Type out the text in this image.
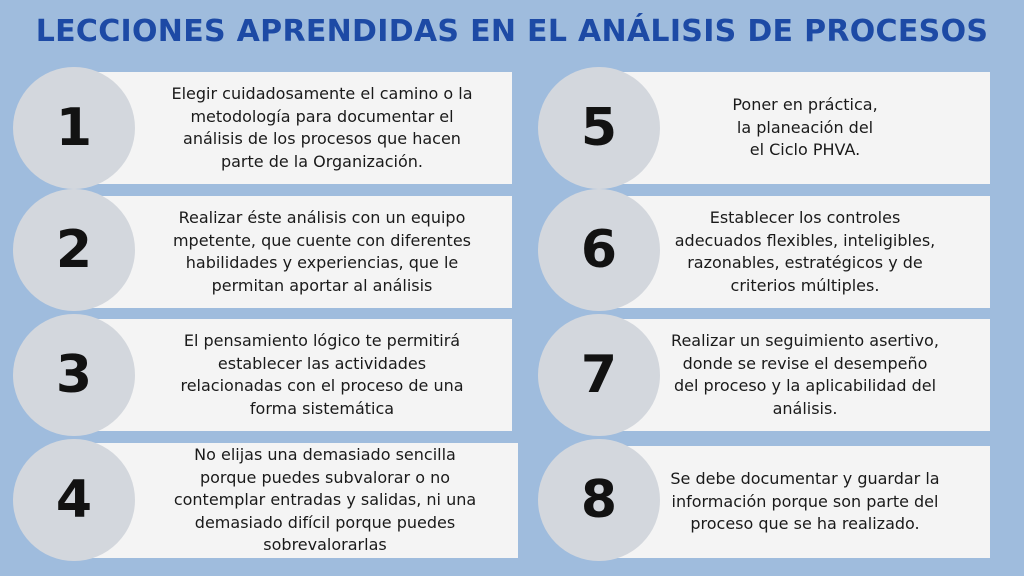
LECCIONES APRENDIDAS EN EL ANÁLISIS DE PROCESOS
Elegir cuidadosamente el camino o la
metodología para documentar el
análisis de los procesos que hacen
parte de la Organización.
1
Realizar éste análisis con un equipo
mpetente, que cuente con diferentes
habilidades y experiencias, que le
permitan aportar al análisis
2
El pensamiento lógico te permitirá
establecer las actividades
relacionadas con el proceso de una
forma sistemática
3
No elijas una demasiado sencilla
porque puedes subvalorar o no
contemplar entradas y salidas, ni una
demasiado difícil porque puedes
sobrevalorarlas
4
Poner en práctica,
la planeación del
el Ciclo PHVA.
5
Establecer los controles
adecuados flexibles, inteligibles,
razonables, estratégicos y de
criterios múltiples.
6
Realizar un seguimiento asertivo,
donde se revise el desempeño
del proceso y la aplicabilidad del
análisis.
7
Se debe documentar y guardar la
información porque son parte del
proceso que se ha realizado.
8
